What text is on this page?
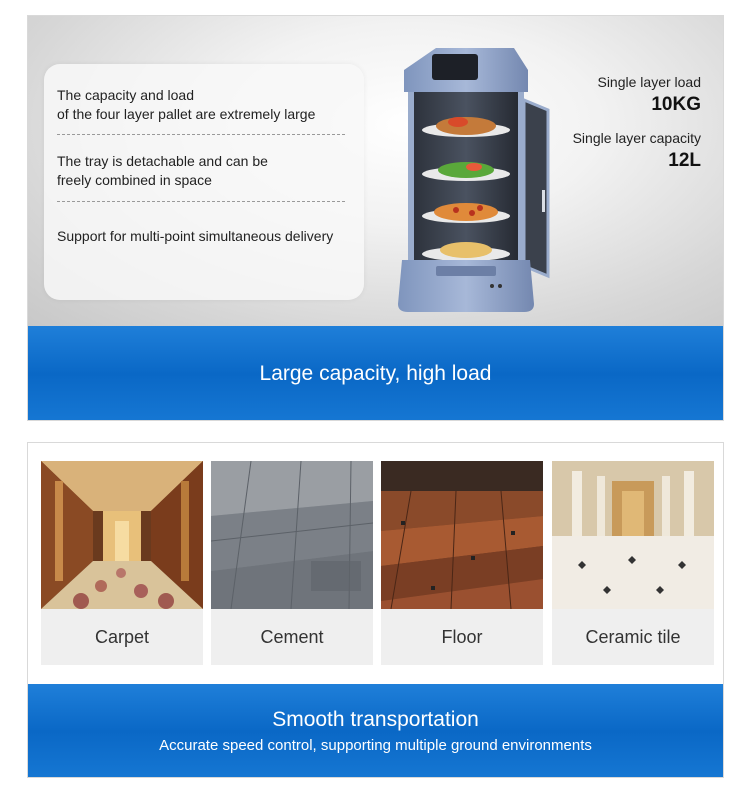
The capacity and load
of the four layer pallet are extremely large
The tray is detachable and can be
freely combined in space
Support for multi-point simultaneous delivery
Single layer load
10KG
Single layer capacity
12L
Large capacity, high load
Carpet	Cement	Floor	Ceramic tile
Smooth transportation
Accurate speed control, supporting multiple ground environments
